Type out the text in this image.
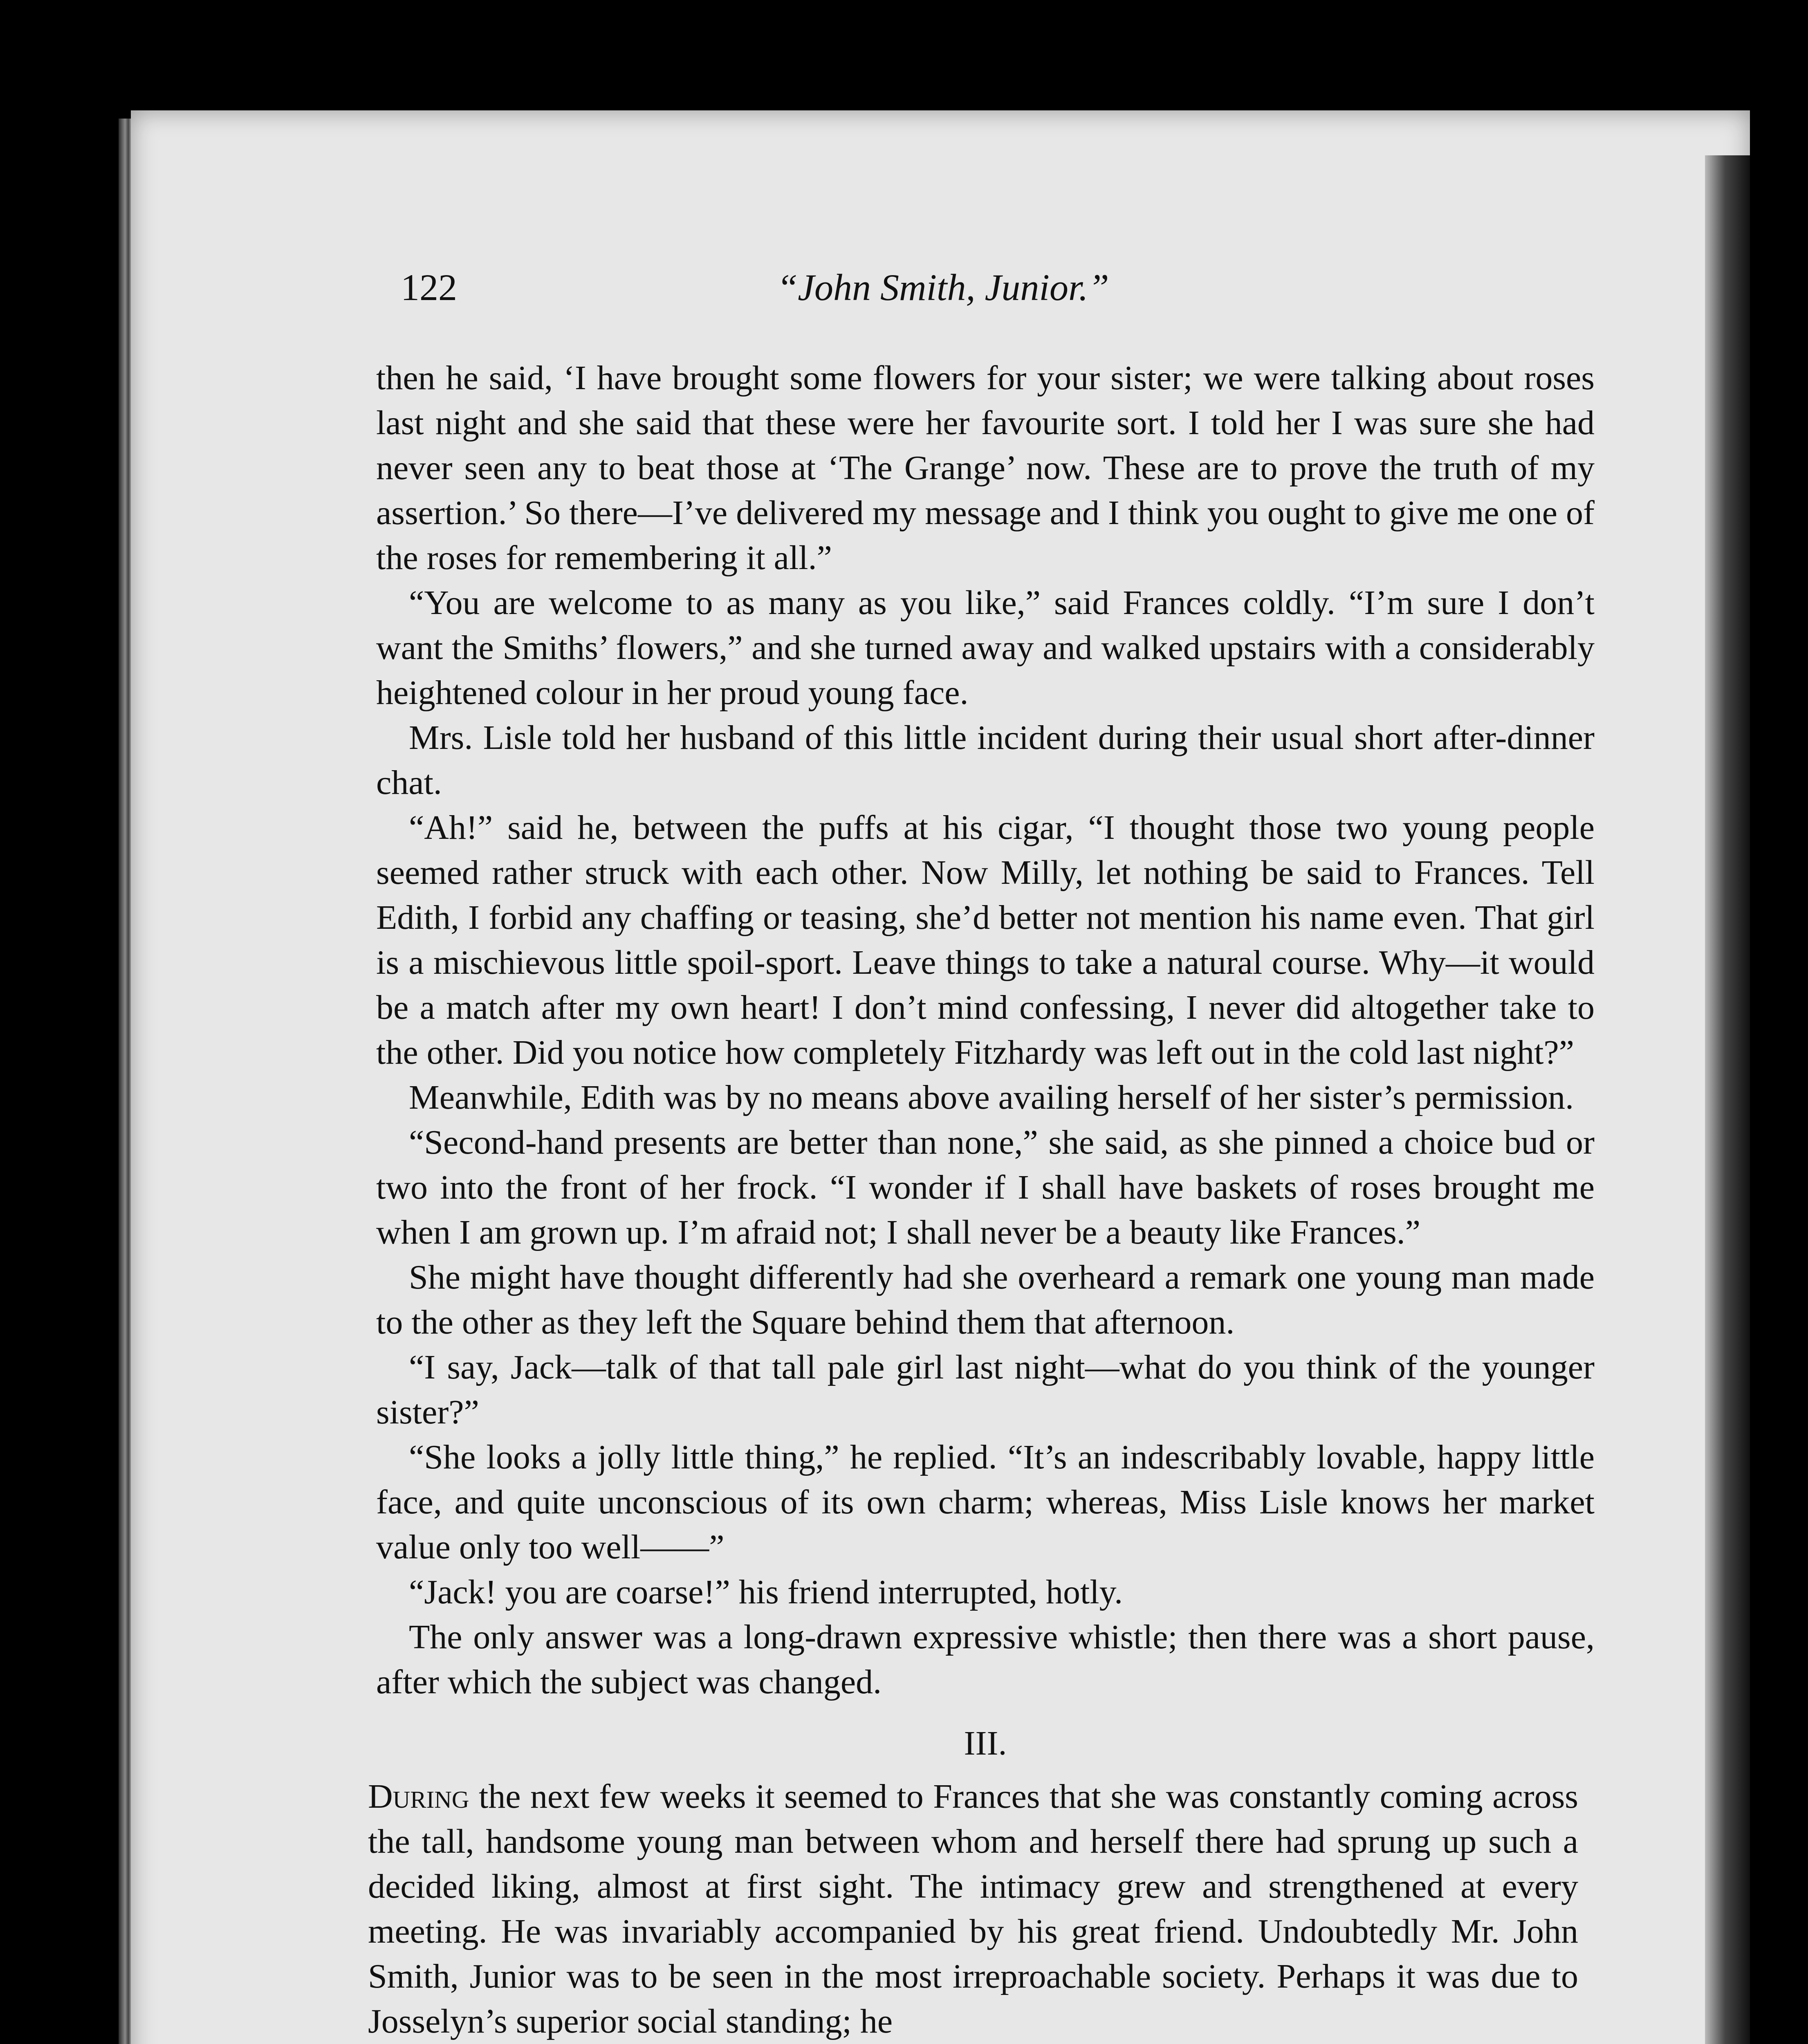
122	“John Smith, Junior.”

then he said, ‘I have brought some flowers for your sister; we were talking about roses last night and she said that these were her favourite sort. I told her I was sure she had never seen any to beat those at ‘The Grange’ now. These are to prove the truth of my assertion.’ So there—I’ve delivered my message and I think you ought to give me one of the roses for remembering it all.”

“You are welcome to as many as you like,” said Frances coldly. “I’m sure I don’t want the Smiths’ flowers,” and she turned away and walked upstairs with a considerably heightened colour in her proud young face.

Mrs. Lisle told her husband of this little incident during their usual short after-dinner chat.

“Ah!” said he, between the puffs at his cigar, “I thought those two young people seemed rather struck with each other. Now Milly, let nothing be said to Frances. Tell Edith, I forbid any chaffing or teasing, she’d better not mention his name even. That girl is a mischievous little spoil-sport. Leave things to take a natural course. Why—it would be a match after my own heart! I don’t mind confessing, I never did altogether take to the other. Did you notice how completely Fitzhardy was left out in the cold last night?”

Meanwhile, Edith was by no means above availing herself of her sister’s permission.

“Second-hand presents are better than none,” she said, as she pinned a choice bud or two into the front of her frock. “I wonder if I shall have baskets of roses brought me when I am grown up. I’m afraid not; I shall never be a beauty like Frances.”

She might have thought differently had she overheard a remark one young man made to the other as they left the Square behind them that afternoon.

“I say, Jack—talk of that tall pale girl last night—what do you think of the younger sister?”

“She looks a jolly little thing,” he replied. “It’s an indescribably lovable, happy little face, and quite unconscious of its own charm; whereas, Miss Lisle knows her market value only too well——”

“Jack! you are coarse!” his friend interrupted, hotly.

The only answer was a long-drawn expressive whistle; then there was a short pause, after which the subject was changed.

III.

During the next few weeks it seemed to Frances that she was constantly coming across the tall, handsome young man between whom and herself there had sprung up such a decided liking, almost at first sight. The intimacy grew and strengthened at every meeting. He was invariably accompanied by his great friend. Undoubtedly Mr. John Smith, Junior was to be seen in the most irreproachable society. Perhaps it was due to Josselyn’s superior social standing; he
